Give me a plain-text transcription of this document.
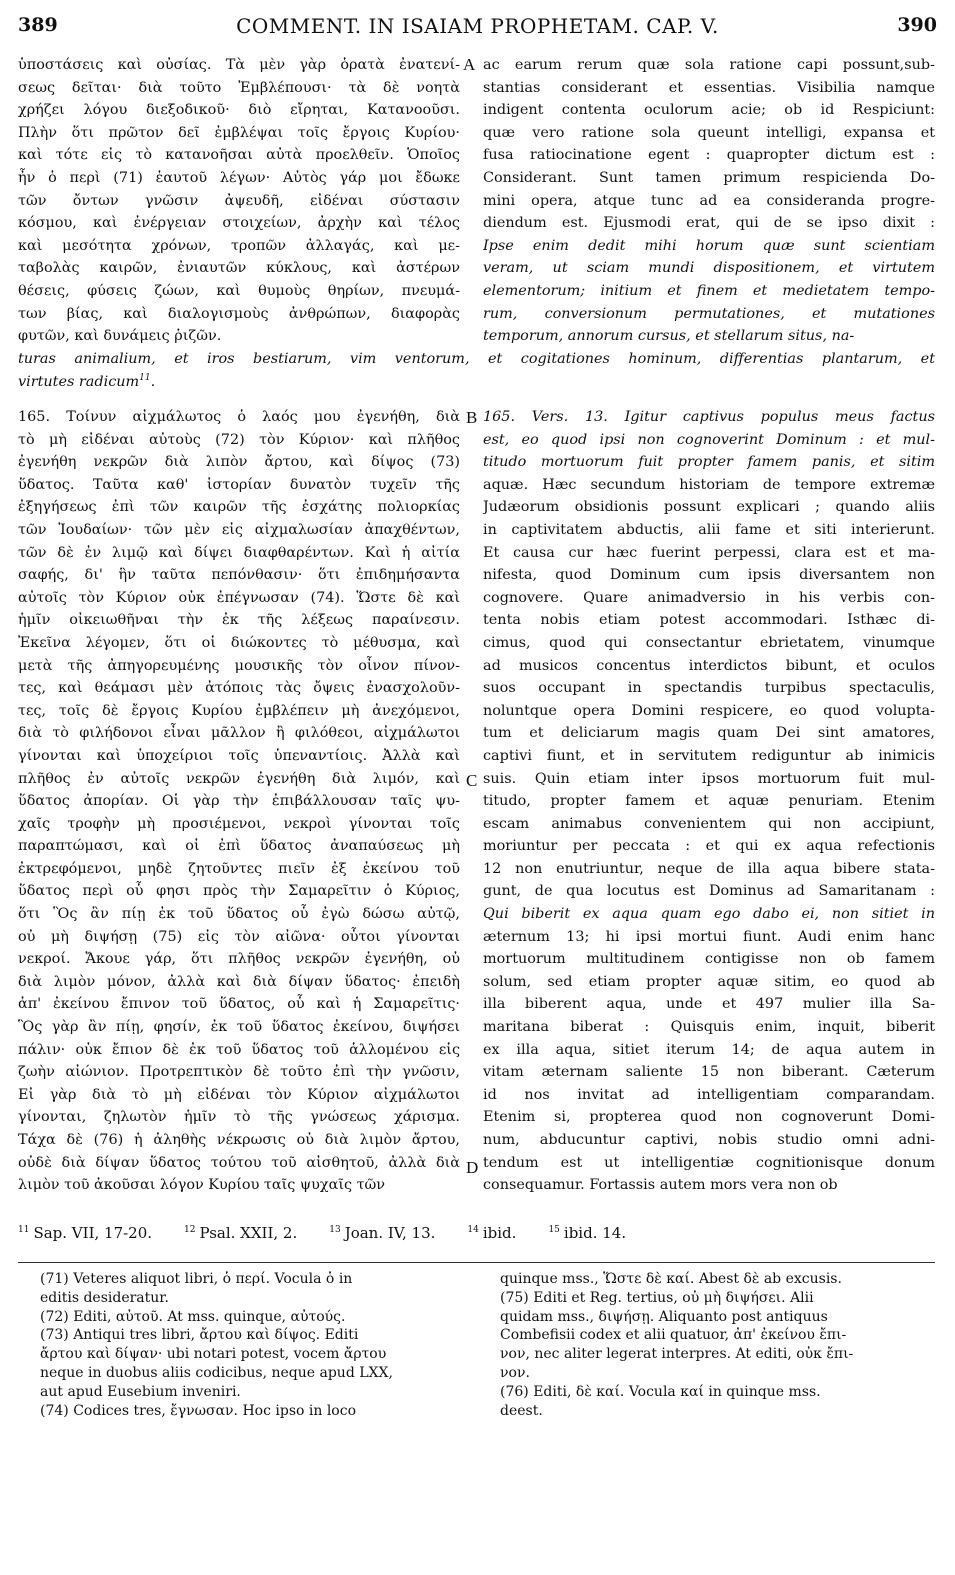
389	COMMENT. IN ISAIAM PROPHETAM. CAP. V.	390
ὑποστάσεις καὶ οὐσίας. Τὰ μὲν γὰρ ὁρατὰ ἐνατενί-
σεως δεῖται· διὰ τοῦτο Ἐμβλέπουσι· τὰ δὲ νοητὰ
χρήζει λόγου διεξοδικοῦ· διὸ εἴρηται, Κατανοοῦσι.
Πλὴν ὅτι πρῶτον δεῖ ἐμβλέψαι τοῖς ἔργοις Κυρίου·
καὶ τότε εἰς τὸ κατανοῆσαι αὐτὰ προελθεῖν. Ὁποῖος
ἦν ὁ περὶ (71) ἑαυτοῦ λέγων· Αὐτὸς γάρ μοι ἔδωκε
τῶν ὄντων γνῶσιν ἀψευδῆ, εἰδέναι σύστασιν
κόσμου, καὶ ἐνέργειαν στοιχείων, ἀρχὴν καὶ τέλος
καὶ μεσότητα χρόνων, τροπῶν ἀλλαγάς, καὶ με-
ταβολὰς καιρῶν, ἐνιαυτῶν κύκλους, καὶ ἀστέρων
θέσεις, φύσεις ζώων, καὶ θυμοὺς θηρίων, πνευμά-
των βίας, καὶ διαλογισμοὺς ἀνθρώπων, διαφορὰς
φυτῶν, καὶ δυνάμεις ῥιζῶν.
ac earum rerum quæ sola ratione capi possunt,sub-
stantias considerant et essentias. Visibilia namque
indigent contenta oculorum acie; ob id Respiciunt:
quæ vero ratione sola queunt intelligi, expansa et
fusa ratiocinatione egent : quapropter dictum est :
Considerant. Sunt tamen primum respicienda Do-
mini opera, atque tunc ad ea consideranda progre-
diendum est. Ejusmodi erat, qui de se ipso dixit :
Ipse enim dedit mihi horum quæ sunt scientiam
veram, ut sciam mundi dispositionem, et virtutem
elementorum; initium et finem et medietatem tempo-
rum, conversionum permutationes, et mutationes
temporum, annorum cursus, et stellarum situs, na-
A
turas animalium, et iros bestiarum, vim ventorum, et cogitationes hominum, differentias plantarum, et
virtutes radicum$^{11}$.
165. Τοίνυν αἰχμάλωτος ὁ λαός μου ἐγενήθη, διὰ
τὸ μὴ εἰδέναι αὐτοὺς (72) τὸν Κύριον· καὶ πλῆθος
ἐγενήθη νεκρῶν διὰ λιπὸν ἄρτου, καὶ δίψος (73)
ὕδατος. Ταῦτα καθ' ἱστορίαν δυνατὸν τυχεῖν τῆς
ἐξηγήσεως ἐπὶ τῶν καιρῶν τῆς ἐσχάτης πολιορκίας
τῶν Ἰουδαίων· τῶν μὲν εἰς αἰχμαλωσίαν ἀπαχθέντων,
τῶν δὲ ἐν λιμῷ καὶ δίψει διαφθαρέντων. Καὶ ἡ αἰτία
σαφής, δι' ἣν ταῦτα πεπόνθασιν· ὅτι ἐπιδημήσαντα
αὐτοῖς τὸν Κύριον οὐκ ἐπέγνωσαν (74). Ὥστε δὲ καὶ
ἡμῖν οἰκειωθῆναι τὴν ἐκ τῆς λέξεως παραίνεσιν.
Ἐκεῖνα λέγομεν, ὅτι οἱ διώκοντες τὸ μέθυσμα, καὶ
μετὰ τῆς ἀπηγορευμένης μουσικῆς τὸν οἶνον πίνον-
τες, καὶ θεάμασι μὲν ἀτόποις τὰς ὄψεις ἐνασχολοῦν-
τες, τοῖς δὲ ἔργοις Κυρίου ἐμβλέπειν μὴ ἀνεχόμενοι,
διὰ τὸ φιλήδονοι εἶναι μᾶλλον ἢ φιλόθεοι, αἰχμάλωτοι
γίνονται καὶ ὑποχείριοι τοῖς ὑπεναντίοις. Ἀλλὰ καὶ
πλῆθος ἐν αὐτοῖς νεκρῶν ἐγενήθη διὰ λιμόν, καὶ
ὕδατος ἀπορίαν. Οἱ γὰρ τὴν ἐπιβάλλουσαν ταῖς ψυ-
χαῖς τροφὴν μὴ προσιέμενοι, νεκροὶ γίνονται τοῖς
παραπτώμασι, καὶ οἱ ἐπὶ ὕδατος ἀναπαύσεως μὴ
ἐκτρεφόμενοι, μηδὲ ζητοῦντες πιεῖν ἐξ ἐκείνου τοῦ
ὕδατος περὶ οὗ φησι πρὸς τὴν Σαμαρεῖτιν ὁ Κύριος,
ὅτι Ὃς ἂν πίῃ ἐκ τοῦ ὕδατος οὗ ἐγὼ δώσω αὐτῷ,
οὐ μὴ διψήσῃ (75) εἰς τὸν αἰῶνα· οὗτοι γίνονται
νεκροί. Ἄκουε γάρ, ὅτι πλῆθος νεκρῶν ἐγενήθη, οὐ
διὰ λιμὸν μόνον, ἀλλὰ καὶ διὰ δίψαν ὕδατος· ἐπειδὴ
ἀπ' ἐκείνου ἔπινον τοῦ ὕδατος, οὗ καὶ ἡ Σαμαρεῖτις·
Ὃς γὰρ ἂν πίῃ, φησίν, ἐκ τοῦ ὕδατος ἐκείνου, διψήσει
πάλιν· οὐκ ἔπιον δὲ ἐκ τοῦ ὕδατος τοῦ ἁλλομένου εἰς
ζωὴν αἰώνιον. Προτρεπτικὸν δὲ τοῦτο ἐπὶ τὴν γνῶσιν,
Εἰ γὰρ διὰ τὸ μὴ εἰδέναι τὸν Κύριον αἰχμάλωτοι
γίνονται, ζηλωτὸν ἡμῖν τὸ τῆς γνώσεως χάρισμα.
Τάχα δὲ (76) ἡ ἀληθὴς νέκρωσις οὐ διὰ λιμὸν ἄρτου,
οὐδὲ διὰ δίψαν ὕδατος τούτου τοῦ αἰσθητοῦ, ἀλλὰ διὰ
λιμὸν τοῦ ἀκοῦσαι λόγον Κυρίου ταῖς ψυχαῖς τῶν
165. Vers. 13. Igitur captivus populus meus factus
est, eo quod ipsi non cognoverint Dominum : et mul-
titudo mortuorum fuit propter famem panis, et sitim
aquæ. Hæc secundum historiam de tempore extremæ
Judæorum obsidionis possunt explicari ; quando aliis
in captivitatem abductis, alii fame et siti interierunt.
Et causa cur hæc fuerint perpessi, clara est et ma-
nifesta, quod Dominum cum ipsis diversantem non
cognovere. Quare animadversio in his verbis con-
tenta nobis etiam potest accommodari. Isthæc di-
cimus, quod qui consectantur ebrietatem, vinumque
ad musicos concentus interdictos bibunt, et oculos
suos occupant in spectandis turpibus spectaculis,
noluntque opera Domini respicere, eo quod volupta-
tum et deliciarum magis quam Dei sint amatores,
captivi fiunt, et in servitutem rediguntur ab inimicis
suis. Quin etiam inter ipsos mortuorum fuit mul-
titudo, propter famem et aquæ penuriam. Etenim
escam animabus convenientem qui non accipiunt,
moriuntur per peccata : et qui ex aqua refectionis
12 non enutriuntur, neque de illa aqua bibere stata-
gunt, de qua locutus est Dominus ad Samaritanam :
Qui biberit ex aqua quam ego dabo ei, non sitiet in
æternum 13; hi ipsi mortui fiunt. Audi enim hanc
mortuorum multitudinem contigisse non ob famem
solum, sed etiam propter aquæ sitim, eo quod ab
illa biberent aqua, unde et 497 mulier illa Sa-
maritana biberat : Quisquis enim, inquit, biberit
ex illa aqua, sitiet iterum 14; de aqua autem in
vitam æternam saliente 15 non biberant. Cæterum
id nos invitat ad intelligentiam comparandam.
Etenim si, propterea quod non cognoverunt Domi-
num, abducuntur captivi, nobis studio omni adni-
tendum est ut intelligentiæ cognitionisque donum
consequamur. Fortassis autem mors vera non ob
B
C
D
$^{11}$ Sap. VII, 17-20.	$^{12}$ Psal. XXII, 2.	$^{13}$ Joan. IV, 13.	$^{14}$ ibid.	$^{15}$ ibid. 14.
(71) Veteres aliquot libri, ὁ περί. Vocula ὁ in
editis desideratur.
(72) Editi, αὐτοῦ. At mss. quinque, αὐτούς.
(73) Antiqui tres libri, ἄρτου καὶ δίψος. Editi
ἄρτου καὶ δίψαν· ubi notari potest, vocem ἄρτου
neque in duobus aliis codicibus, neque apud LXX,
aut apud Eusebium inveniri.
(74) Codices tres, ἔγνωσαν. Hoc ipso in loco
quinque mss., Ὥστε δὲ καί. Abest δὲ ab excusis.
(75) Editi et Reg. tertius, οὐ μὴ διψήσει. Alii
quidam mss., διψήσῃ. Aliquanto post antiquus
Combefisii codex et alii quatuor, ἀπ' ἐκείνου ἔπι-
νον, nec aliter legerat interpres. At editi, οὐκ ἔπι-
νον.
(76) Editi, δὲ καί. Vocula καί in quinque mss.
deest.
